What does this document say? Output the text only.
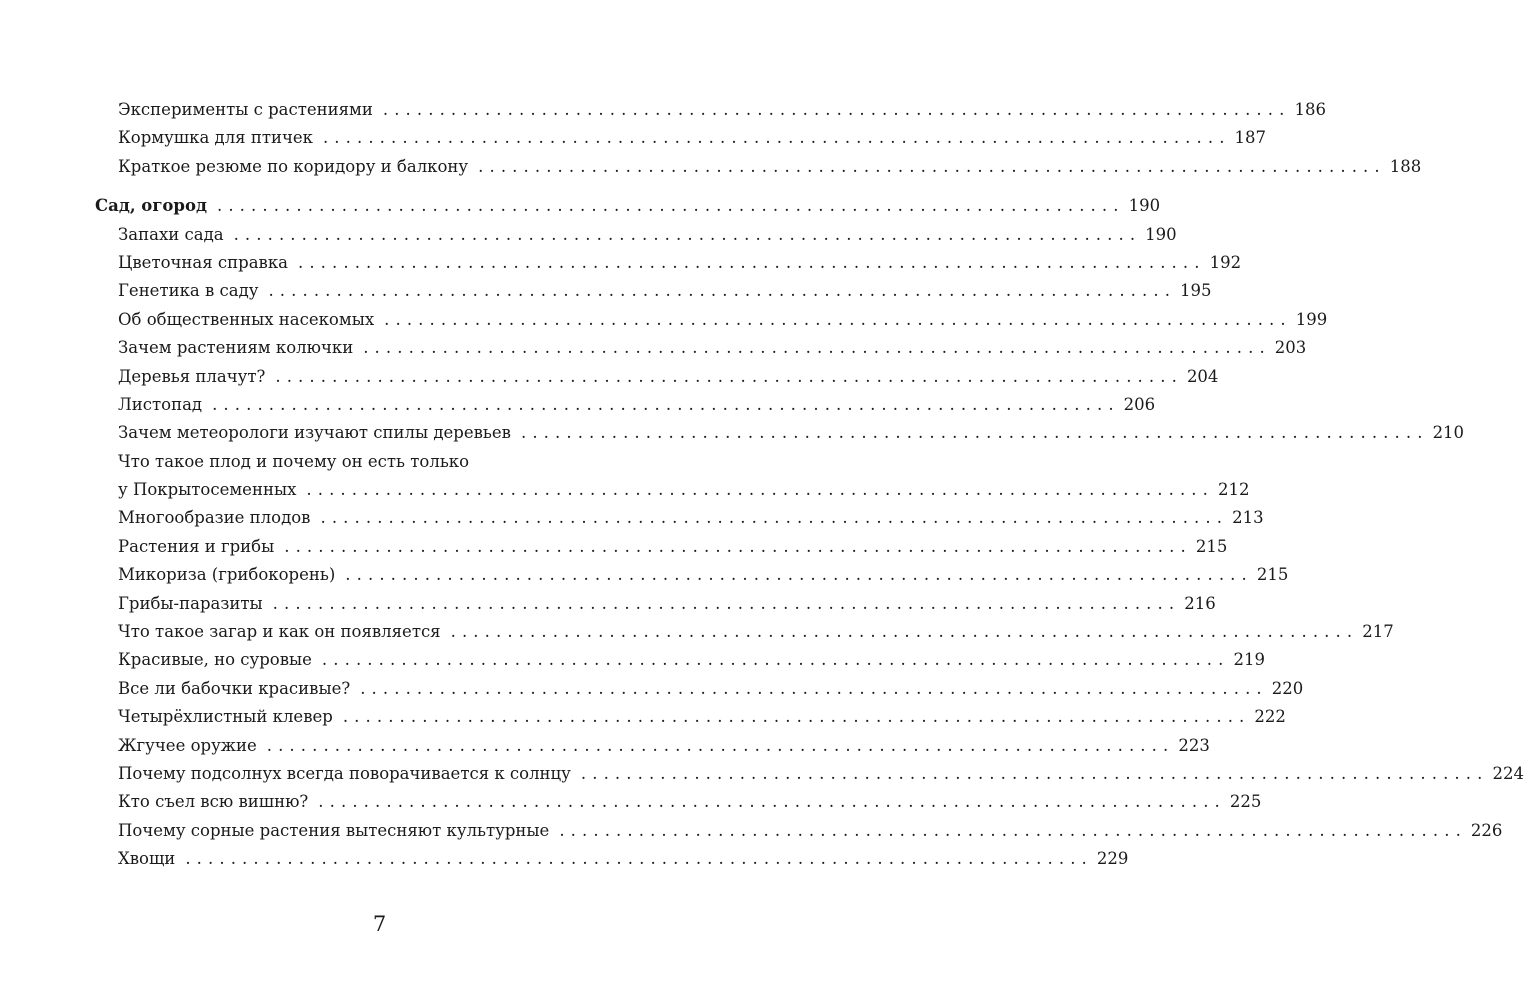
Эксперименты с растениями ................................................................................ 186
Кормушка для птичек ................................................................................ 187
Краткое резюме по коридору и балкону ................................................................................ 188
Сад, огород ................................................................................ 190
Запахи сада ................................................................................ 190
Цветочная справка ................................................................................ 192
Генетика в саду ................................................................................ 195
Об общественных насекомых ................................................................................ 199
Зачем растениям колючки ................................................................................ 203
Деревья плачут? ................................................................................ 204
Листопад ................................................................................ 206
Зачем метеорологи изучают спилы деревьев ................................................................................ 210
Что такое плод и почему он есть только
у Покрытосеменных ................................................................................ 212
Многообразие плодов ................................................................................ 213
Растения и грибы ................................................................................ 215
Микориза (грибокорень) ................................................................................ 215
Грибы-паразиты ................................................................................ 216
Что такое загар и как он появляется ................................................................................ 217
Красивые, но суровые ................................................................................ 219
Все ли бабочки красивые? ................................................................................ 220
Четырёхлистный клевер ................................................................................ 222
Жгучее оружие ................................................................................ 223
Почему подсолнух всегда поворачивается к солнцу ................................................................................ 224
Кто съел всю вишню? ................................................................................ 225
Почему сорные растения вытесняют культурные ................................................................................ 226
Хвощи ................................................................................ 229
7
